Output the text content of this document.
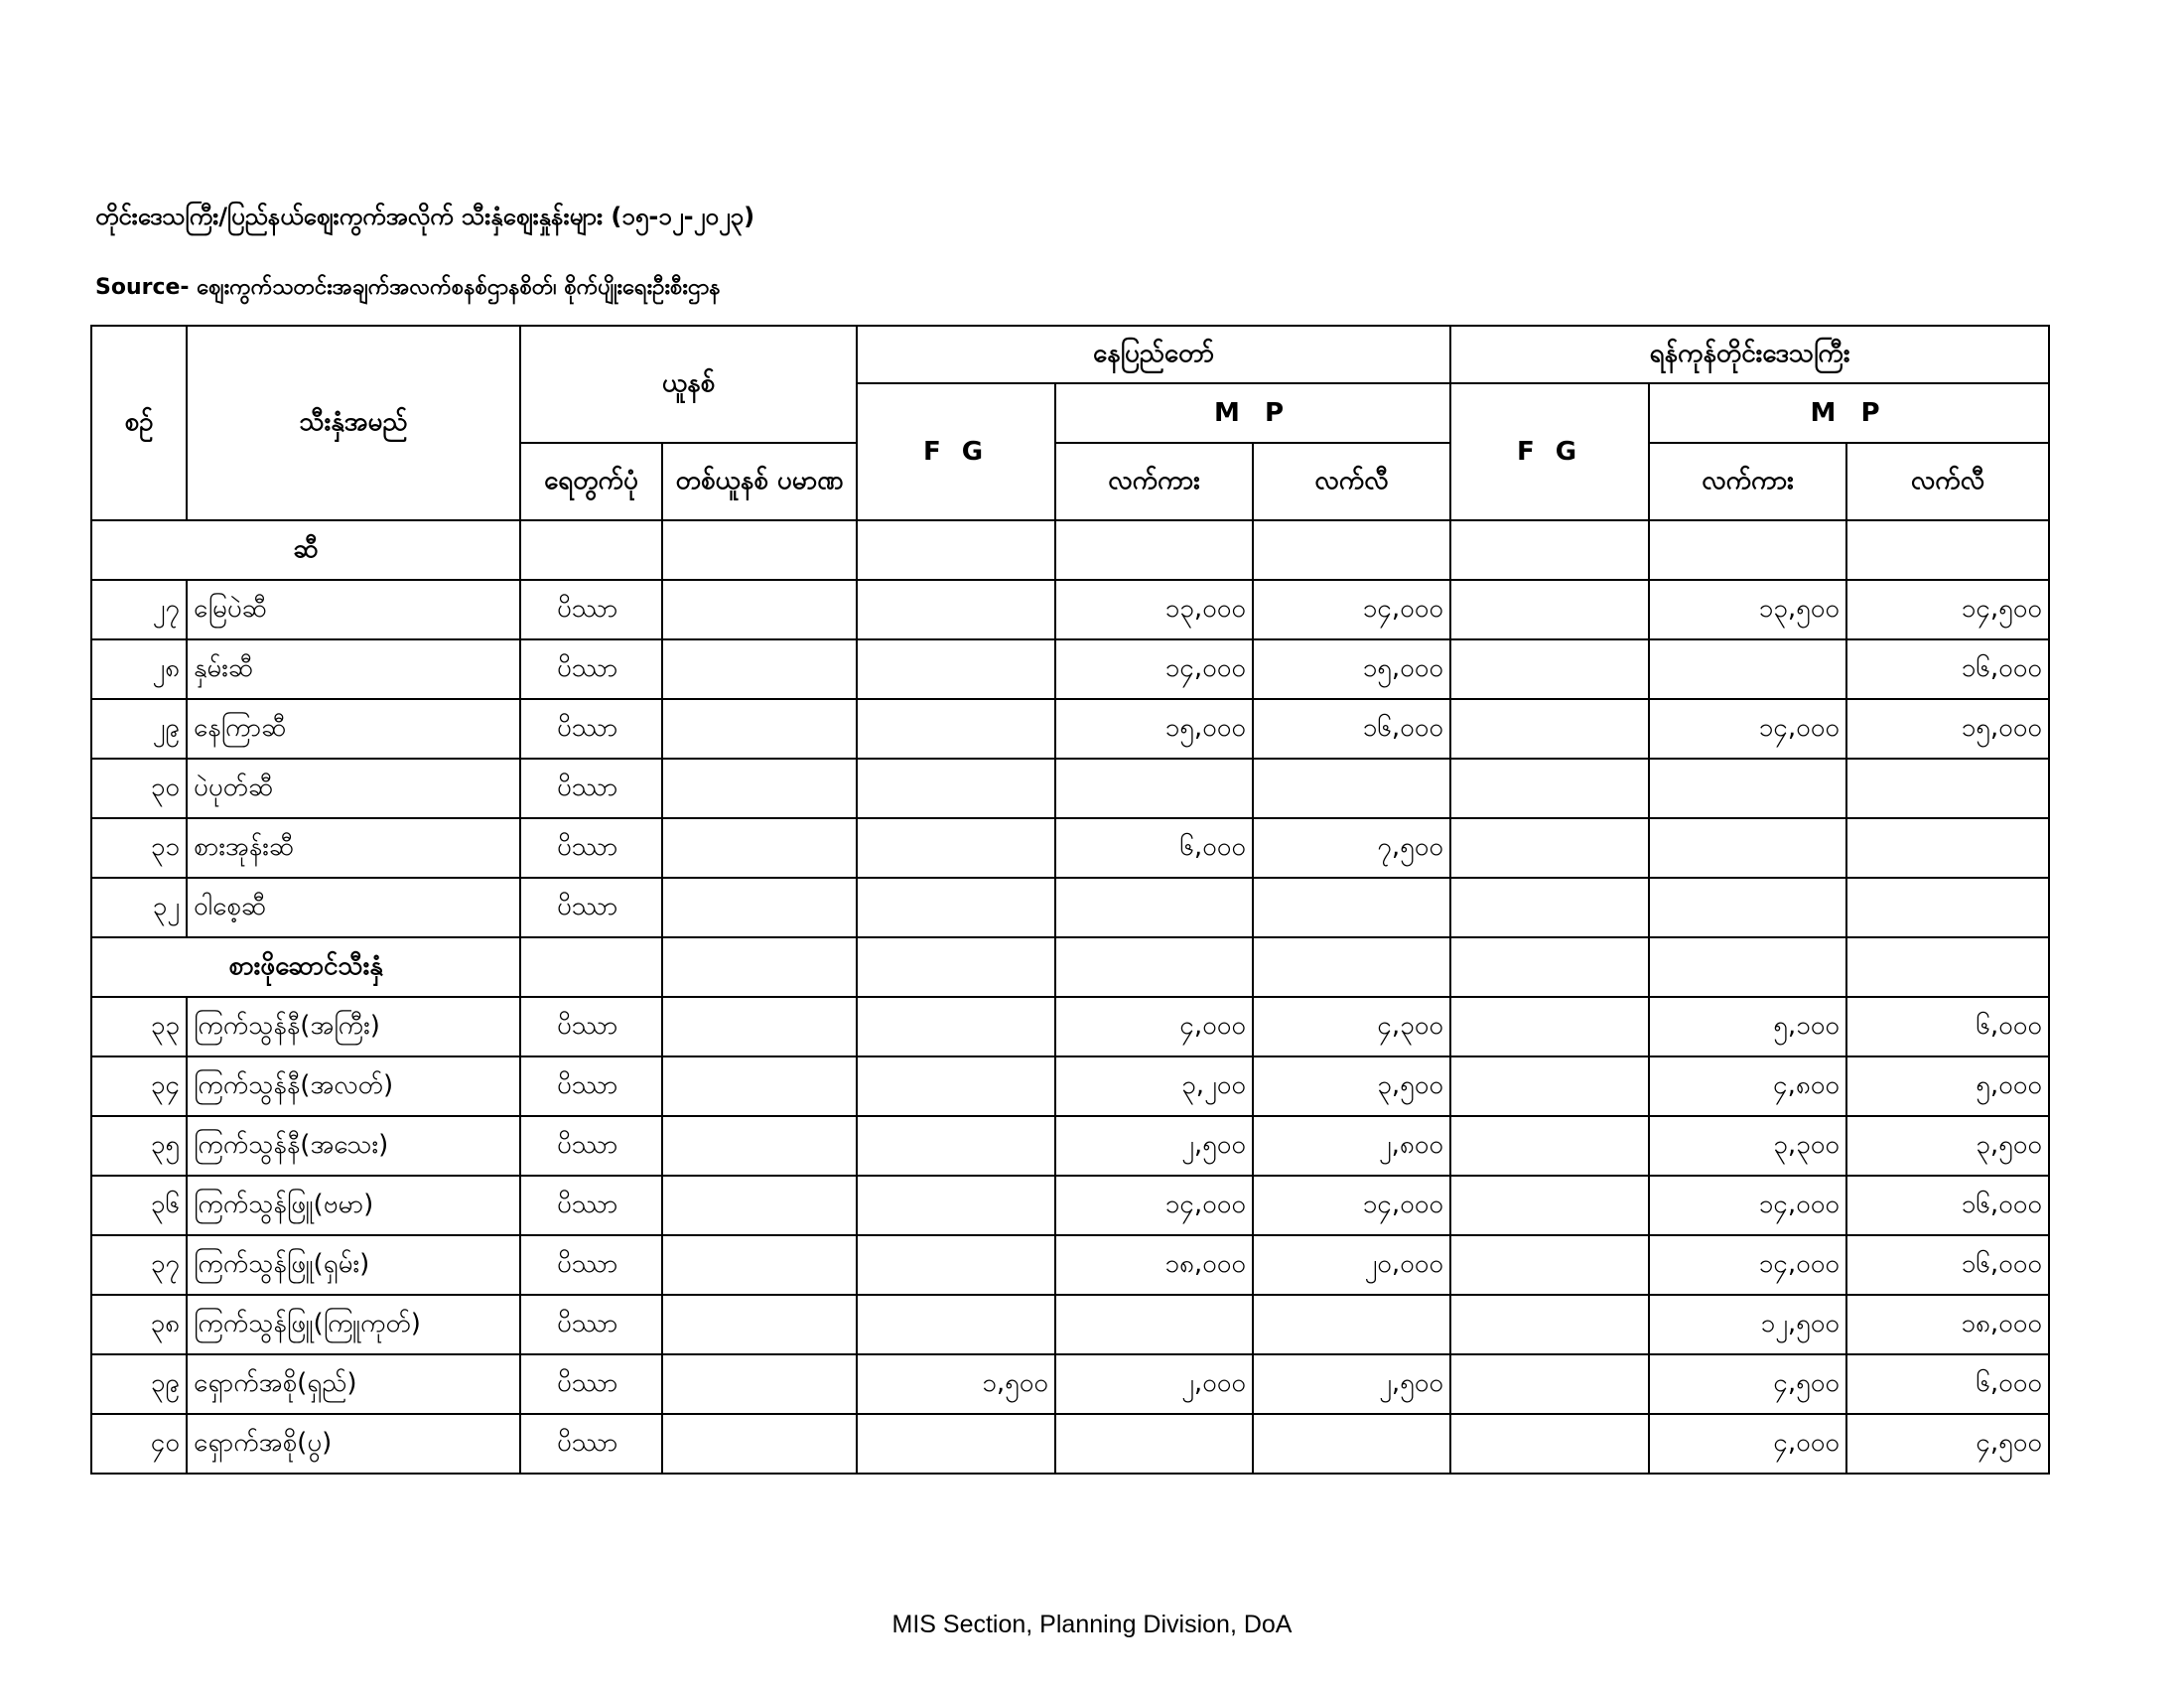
တိုင်းဒေသကြီး/ပြည်နယ်ဈေးကွက်အလိုက် သီးနှံဈေးနှုန်းများ (၁၅-၁၂-၂၀၂၃)
Source- ဈေးကွက်သတင်းအချက်အလက်စနစ်ဌာနစိတ်၊ စိုက်ပျိုးရေးဦးစီးဌာန
စဉ်	သီးနှံအမည်	ယူနစ်		နေပြည်တော်			ရန်ကုန်တိုင်းဒေသကြီး		
				F G	M P		F G	M P	
		ရေတွက်ပုံ	တစ်ယူနစ် ပမာဏ		လက်ကား	လက်လီ		လက်ကား	လက်လီ
ဆီ									
၂၇	မြေပဲဆီ	ပိဿာ			၁၃,၀၀၀	၁၄,၀၀၀		၁၃,၅၀၀	၁၄,၅၀၀
၂၈	နှမ်းဆီ	ပိဿာ			၁၄,၀၀၀	၁၅,၀၀၀			၁၆,၀၀၀
၂၉	နေကြာဆီ	ပိဿာ			၁၅,၀၀၀	၁၆,၀၀၀		၁၄,၀၀၀	၁၅,၀၀၀
၃၀	ပဲပုတ်ဆီ	ပိဿာ							
၃၁	စားအုန်းဆီ	ပိဿာ			၆,၀၀၀	၇,၅၀၀			
၃၂	ဝါစေ့ဆီ	ပိဿာ							
စားဖိုဆောင်သီးနှံ									
၃၃	ကြက်သွန်နီ(အကြီး)	ပိဿာ			၄,၀၀၀	၄,၃၀၀		၅,၁၀၀	၆,၀၀၀
၃၄	ကြက်သွန်နီ(အလတ်)	ပိဿာ			၃,၂၀၀	၃,၅၀၀		၄,၈၀၀	၅,၀၀၀
၃၅	ကြက်သွန်နီ(အသေး)	ပိဿာ			၂,၅၀၀	၂,၈၀၀		၃,၃၀၀	၃,၅၀၀
၃၆	ကြက်သွန်ဖြူ(ဗမာ)	ပိဿာ			၁၄,၀၀၀	၁၄,၀၀၀		၁၄,၀၀၀	၁၆,၀၀၀
၃၇	ကြက်သွန်ဖြူ(ရှမ်း)	ပိဿာ			၁၈,၀၀၀	၂၀,၀၀၀		၁၄,၀၀၀	၁၆,၀၀၀
၃၈	ကြက်သွန်ဖြူ(ကြူကုတ်)	ပိဿာ						၁၂,၅၀၀	၁၈,၀၀၀
၃၉	ရှောက်အစို(ရှည်)	ပိဿာ		၁,၅၀၀	၂,၀၀၀	၂,၅၀၀		၄,၅၀၀	၆,၀၀၀
၄၀	ရှောက်အစို(ပွ)	ပိဿာ						၄,၀၀၀	၄,၅၀၀
MIS Section, Planning Division, DoA
